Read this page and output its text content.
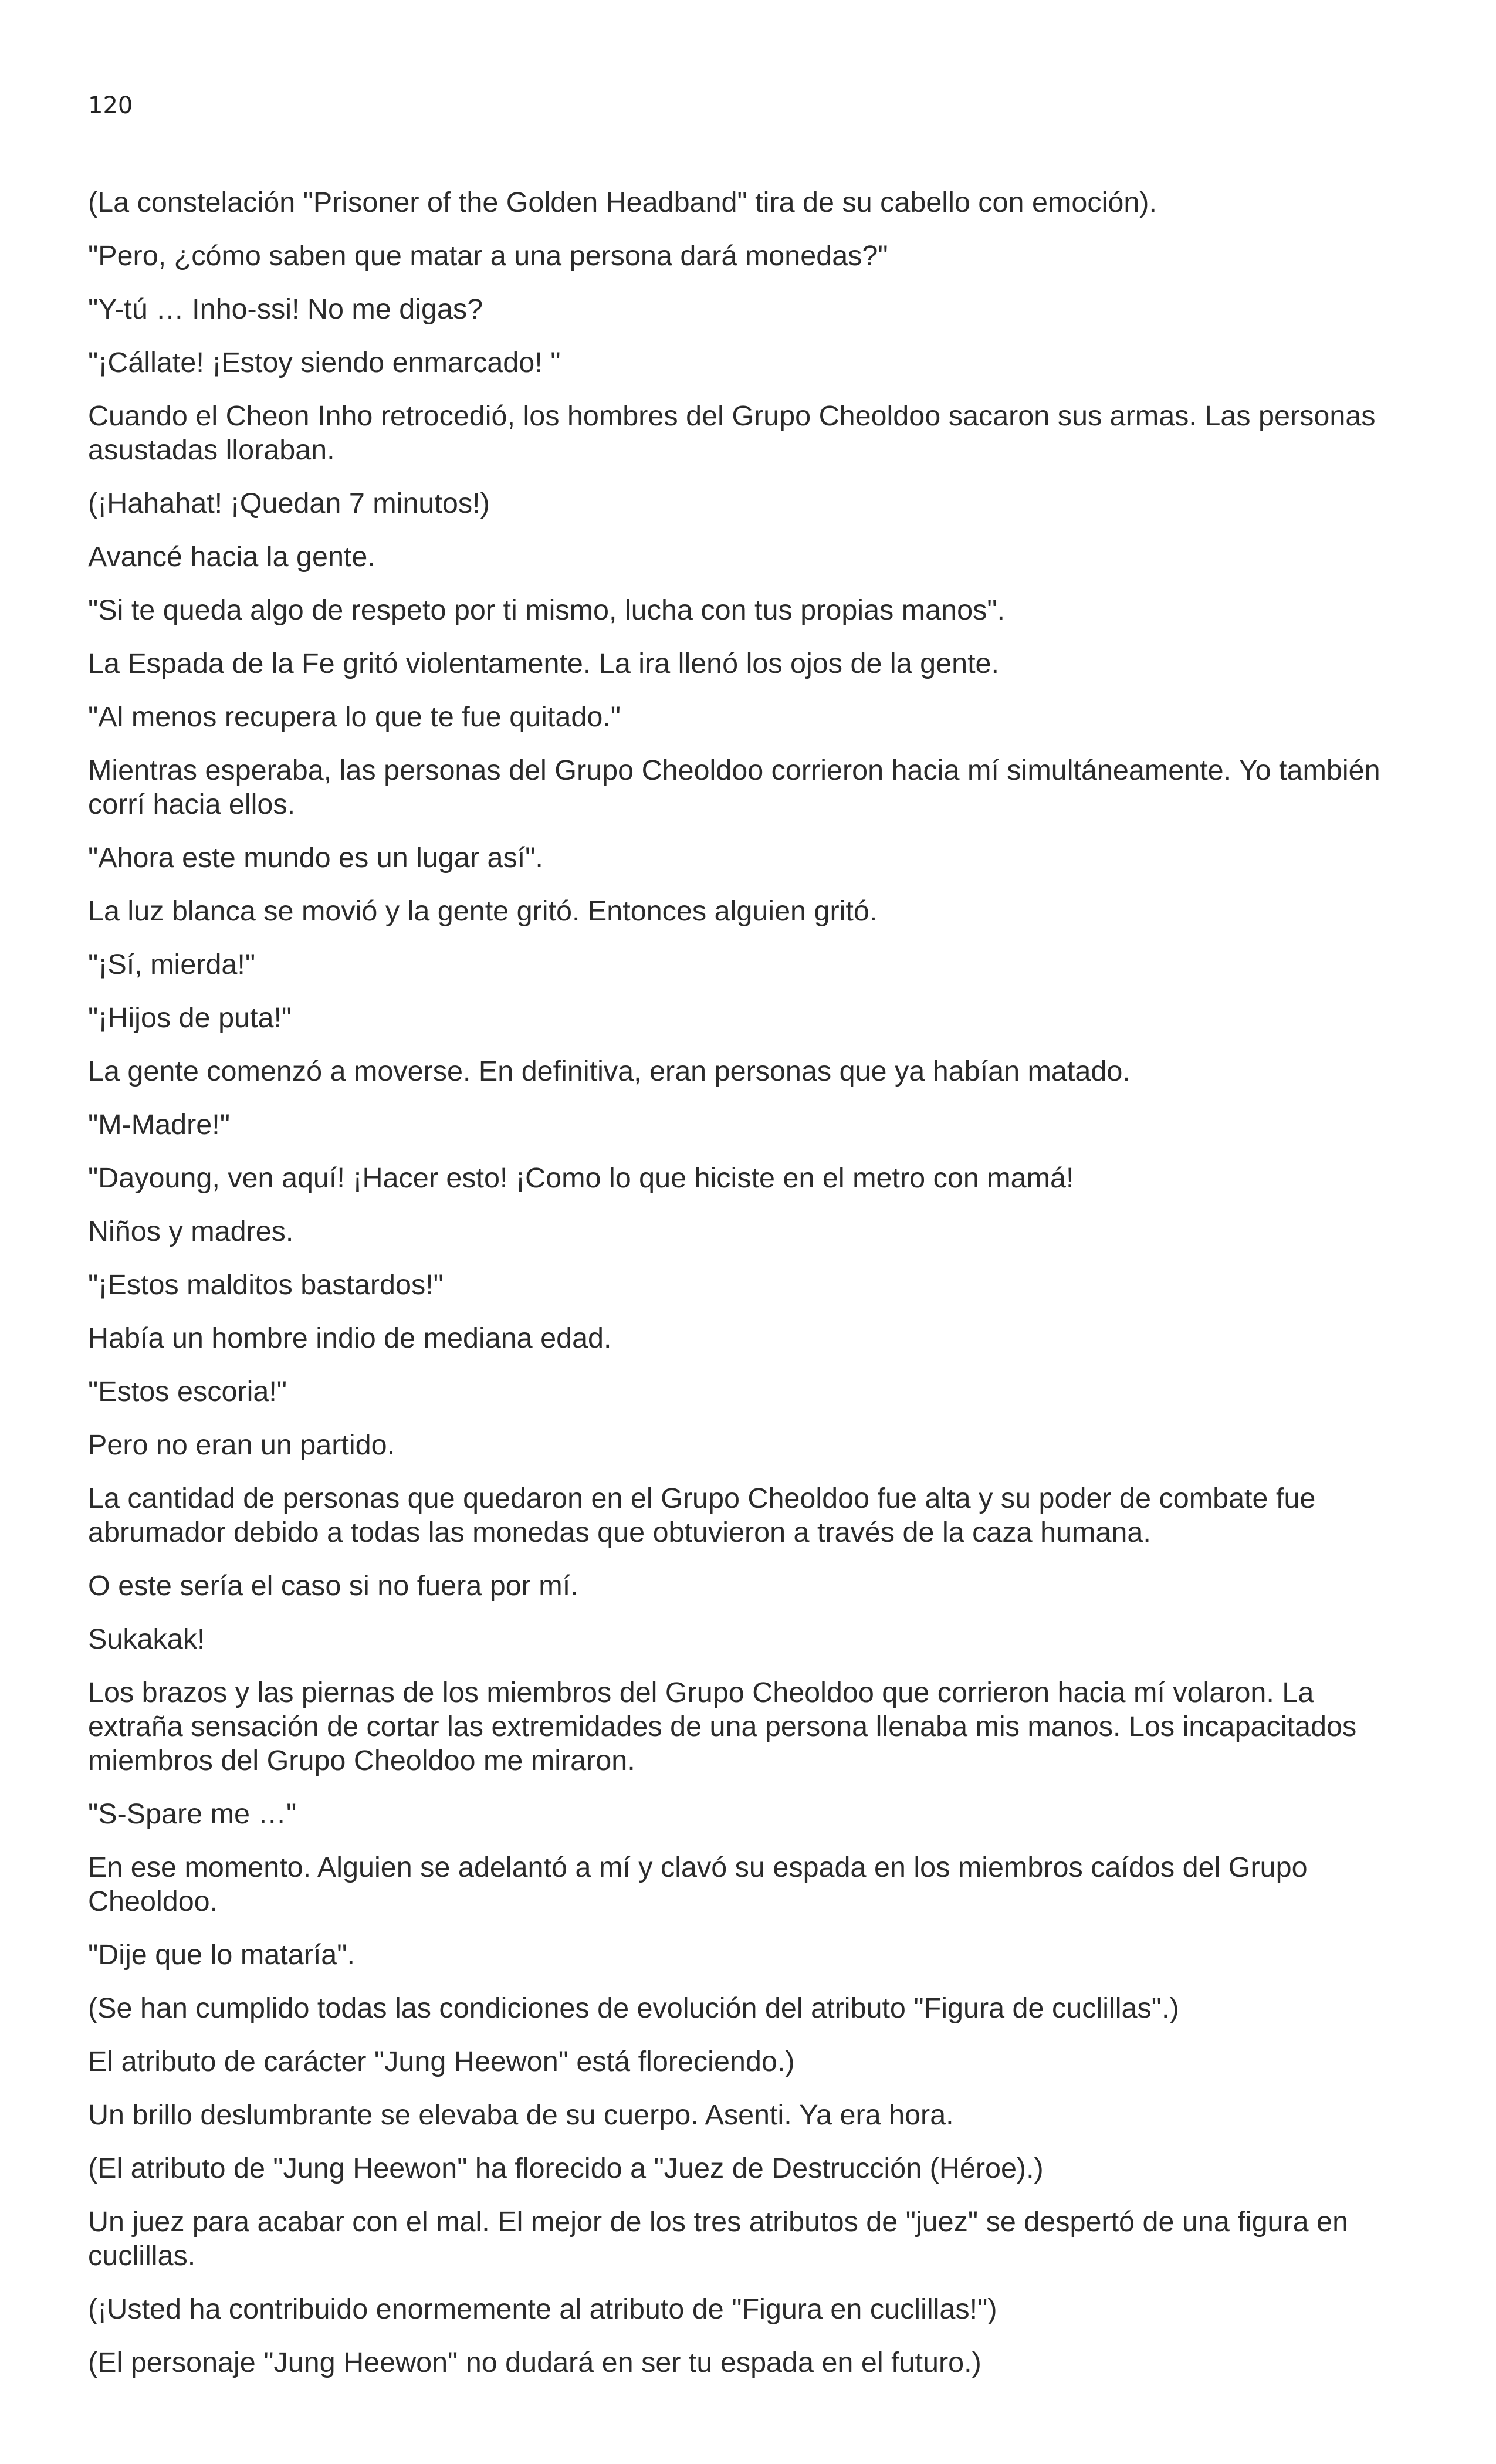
120

(La constelación "Prisoner of the Golden Headband" tira de su cabello con emoción).

"Pero, ¿cómo saben que matar a una persona dará monedas?"

"Y-tú … Inho-ssi! No me digas?

"¡Cállate! ¡Estoy siendo enmarcado! "

Cuando el Cheon Inho retrocedió, los hombres del Grupo Cheoldoo sacaron sus armas. Las personas asustadas lloraban.

(¡Hahahat! ¡Quedan 7 minutos!)

Avancé hacia la gente.

"Si te queda algo de respeto por ti mismo, lucha con tus propias manos".

La Espada de la Fe gritó violentamente. La ira llenó los ojos de la gente.

"Al menos recupera lo que te fue quitado."

Mientras esperaba, las personas del Grupo Cheoldoo corrieron hacia mí simultáneamente. Yo también corrí hacia ellos.

"Ahora este mundo es un lugar así".

La luz blanca se movió y la gente gritó. Entonces alguien gritó.

"¡Sí, mierda!"

"¡Hijos de puta!"

La gente comenzó a moverse. En definitiva, eran personas que ya habían matado.

"M-Madre!"

"Dayoung, ven aquí! ¡Hacer esto! ¡Como lo que hiciste en el metro con mamá!

Niños y madres.

"¡Estos malditos bastardos!"

Había un hombre indio de mediana edad.

"Estos escoria!"

Pero no eran un partido.

La cantidad de personas que quedaron en el Grupo Cheoldoo fue alta y su poder de combate fue abrumador debido a todas las monedas que obtuvieron a través de la caza humana.

O este sería el caso si no fuera por mí.

Sukakak!

Los brazos y las piernas de los miembros del Grupo Cheoldoo que corrieron hacia mí volaron. La extraña sensación de cortar las extremidades de una persona llenaba mis manos. Los incapacitados miembros del Grupo Cheoldoo me miraron.

"S-Spare me …"

En ese momento. Alguien se adelantó a mí y clavó su espada en los miembros caídos del Grupo Cheoldoo.

"Dije que lo mataría".

(Se han cumplido todas las condiciones de evolución del atributo "Figura de cuclillas".)

El atributo de carácter "Jung Heewon" está floreciendo.)

Un brillo deslumbrante se elevaba de su cuerpo. Asenti. Ya era hora.

(El atributo de "Jung Heewon" ha florecido a "Juez de Destrucción (Héroe).)

Un juez para acabar con el mal. El mejor de los tres atributos de "juez" se despertó de una figura en cuclillas.

(¡Usted ha contribuido enormemente al atributo de "Figura en cuclillas!")

(El personaje "Jung Heewon" no dudará en ser tu espada en el futuro.)
